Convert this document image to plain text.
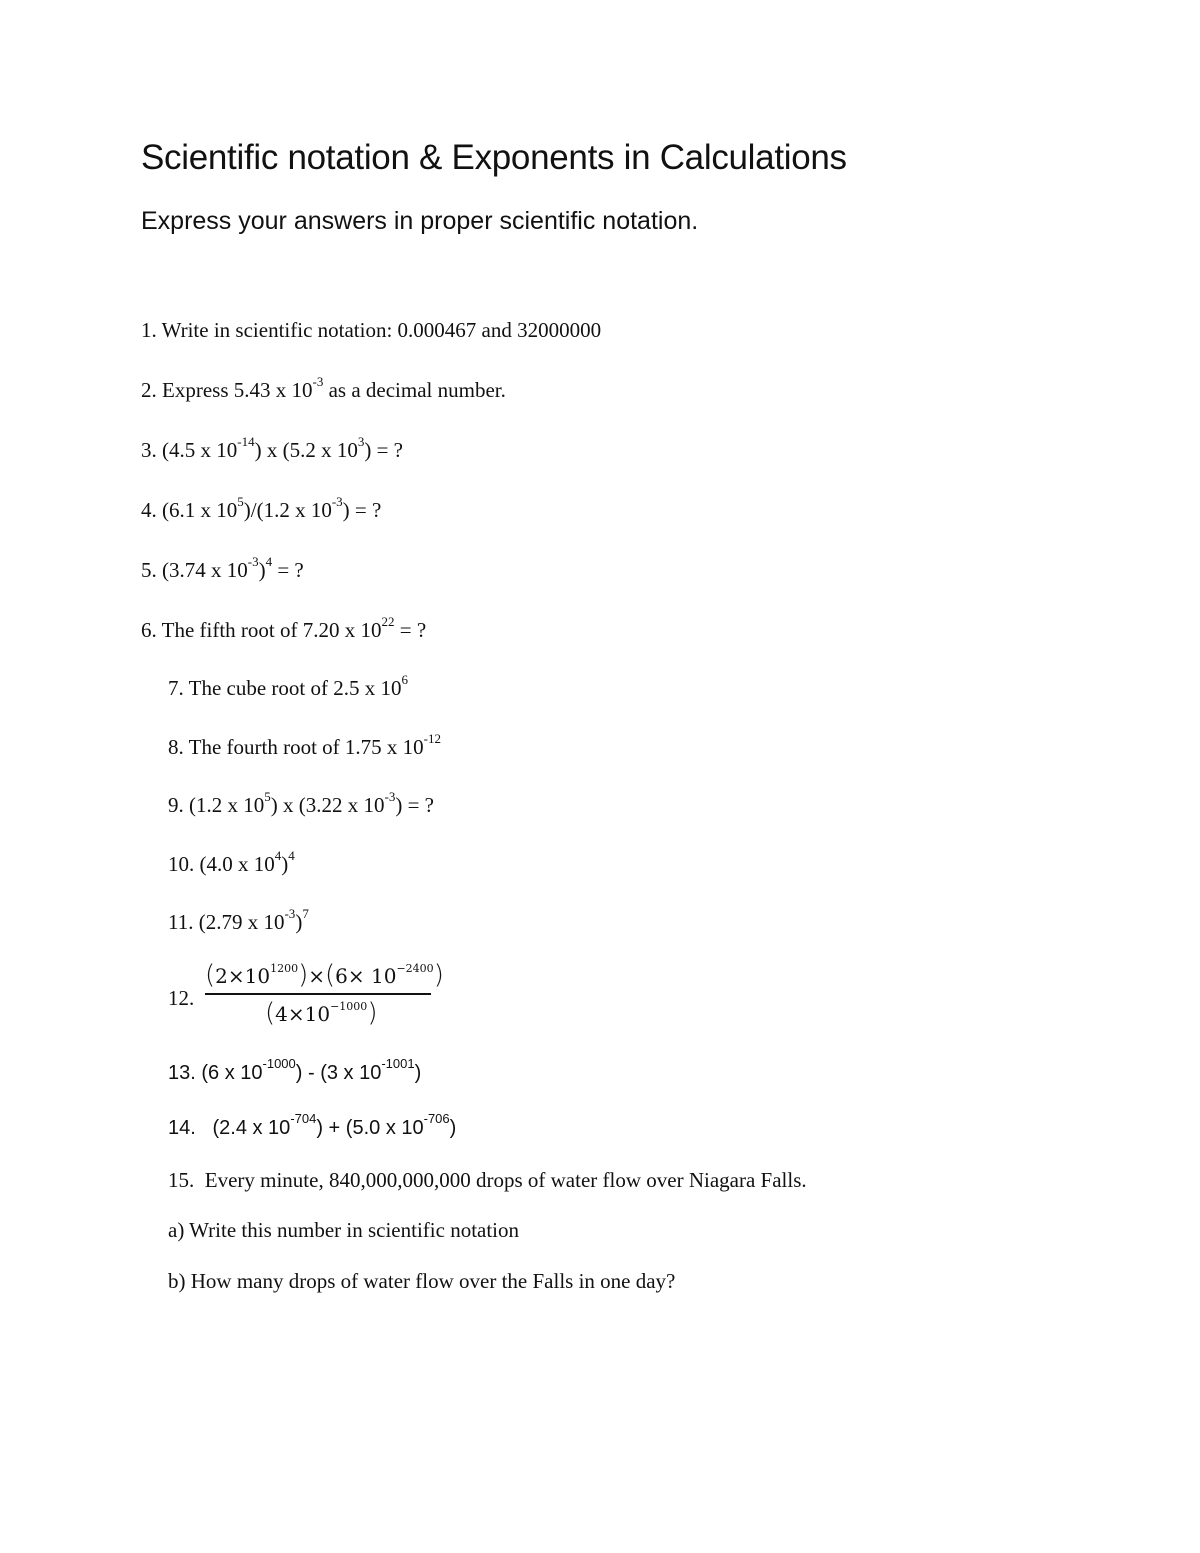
Scientific notation & Exponents in Calculations
Express your answers in proper scientific notation.
1. Write in scientific notation: 0.000467 and 32000000
2. Express 5.43 x $10^{-3}$ as a decimal number.
3. (4.5 x $10^{-14}$) x (5.2 x $10^3$) = ?
4. (6.1 x $10^5)/(1.2$ x $10^{-3}$) = ?
5. (3.74 x $10^{-3})^4$ = ?
6. The fifth root of 7.20 x $10^{22}$ = ?
7. The cube root of 2.5 x $10^6$
8. The fourth root of 1.75 x $10^{-12}$
9. (1.2 x $10^5$) x (3.22 x $10^{-3}$) = ?
10. (4.0 x $10^4)^4$
11. (2.79 x $10^{-3})^7$
12.
$(2\times 10^{1200})\times(6\times 10^{-2400})$
$(4\times 10^{-1000})$
13. (6 x $10^{-1000}) - (3$ x $10^{-1001}$)
14. (2.4 x $10^{-704}) + (5.0$ x $10^{-706}$)
15. Every minute, 840,000,000,000 drops of water flow over Niagara Falls.
a) Write this number in scientific notation
b) How many drops of water flow over the Falls in one day?
